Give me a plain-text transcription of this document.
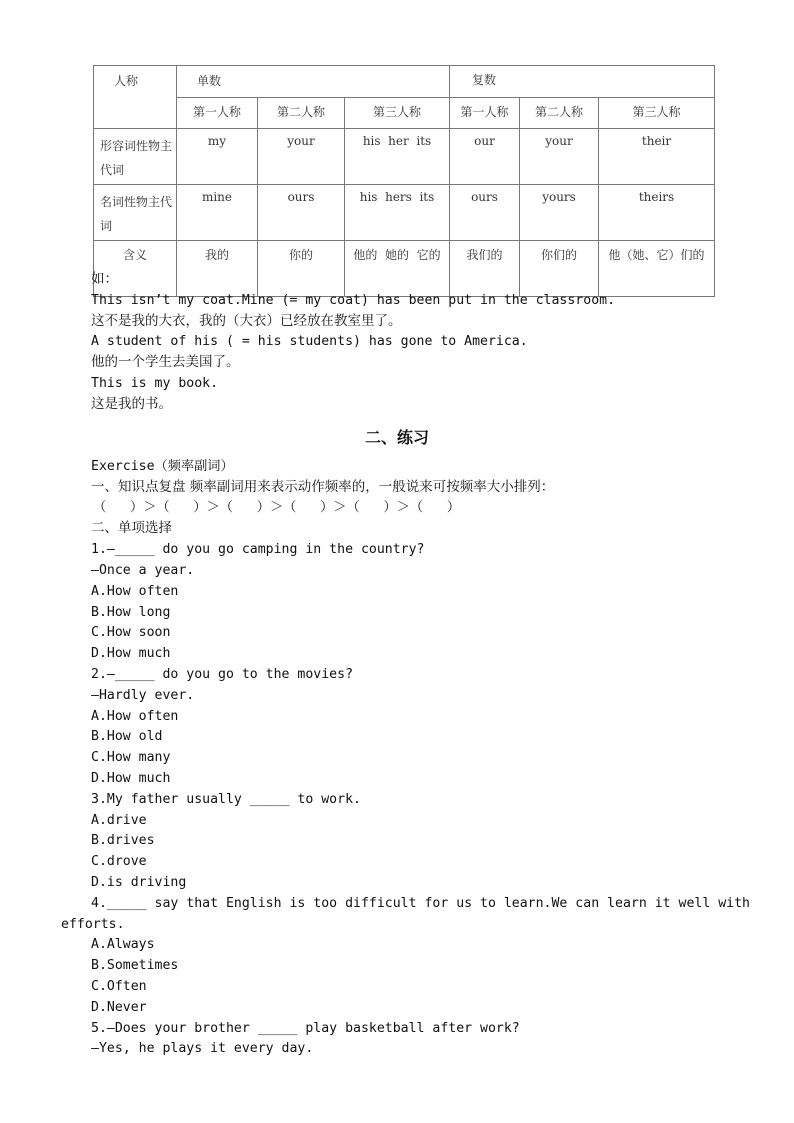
人称	单数			复数		
	第一人称	第二人称	第三人称	第一人称	第二人称	第三人称
形容词性物主代词	my	your	his  her  its	our	your	their
名词性物主代词	mine	ours	his  hers  its	ours	yours	theirs
含义	我的	你的	他的  她的  它的	我们的	你们的	他（她、它）们的
如：
This isn’t my coat.Mine (= my coat) has been put in the classroom.
这不是我的大衣，我的（大衣）已经放在教室里了。
A student of his ( = his students) has gone to America.
他的一个学生去美国了。
This is my book.
这是我的书。
二、练习
Exercise（频率副词）
一、知识点复盘 频率副词用来表示动作频率的，一般说来可按频率大小排列：
（   ）＞（   ）＞（   ）＞（   ）＞（   ）＞（   ）
二、单项选择
1.—_____ do you go camping in the country?
—Once a year.
A.How often
B.How long
C.How soon
D.How much
2.—_____ do you go to the movies?
—Hardly ever.
A.How often
B.How old
C.How many
D.How much
3.My father usually _____ to work.
A.drive
B.drives
C.drove
D.is driving
4._____ say that English is too difficult for us to learn.We can learn it well with
efforts.
A.Always
B.Sometimes
C.Often
D.Never
5.—Does your brother _____ play basketball after work?
—Yes, he plays it every day.
